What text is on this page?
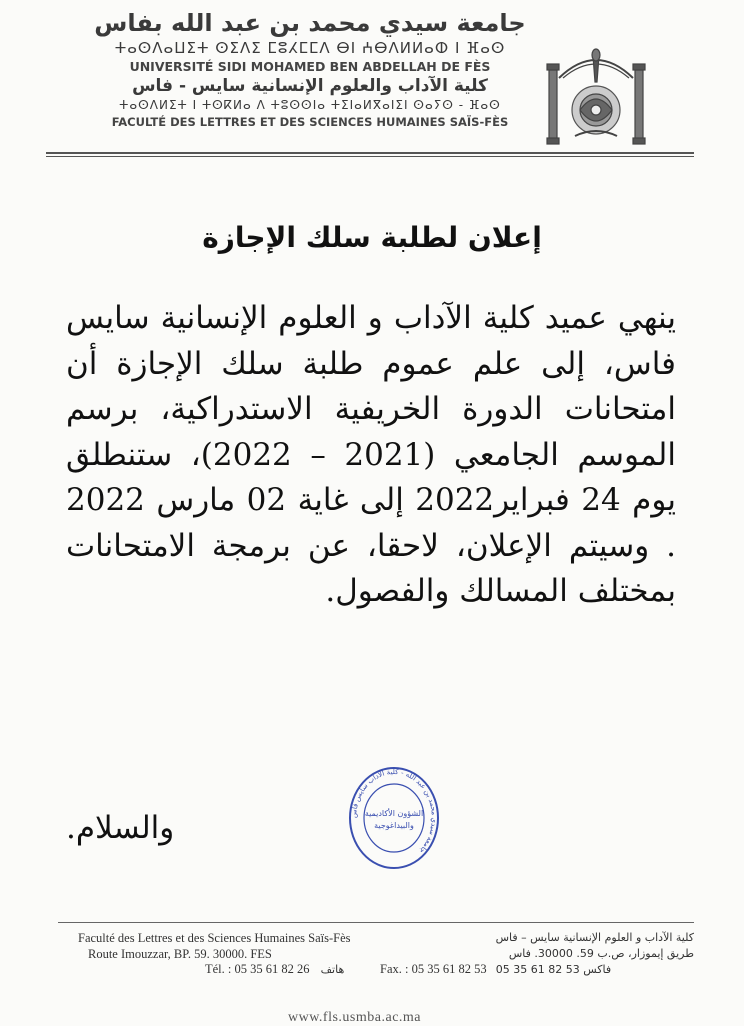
جامعة سيدي محمد بن عبد الله بفاس
ⵜⴰⵙⴷⴰⵡⵉⵜ ⵙⵉⴷⵉ ⵎⵓⵃⵎⵎⴷ ⴱⵏ ⵄⴱⴷⵍⵍⴰⵀ ⵏ ⴼⴰⵙ
UNIVERSITÉ SIDI MOHAMED BEN ABDELLAH DE FÈS
كلية الآداب والعلوم الإنسانية سايس - فاس
ⵜⴰⵙⴷⵍⵉⵜ ⵏ ⵜⵙⴽⵍⴰ ⴷ ⵜⵓⵙⵙⵏⴰ ⵜⵉⵏⴰⵍⴳⴰⵏⵉⵏ ⵙⴰⵢⵙ - ⴼⴰⵙ
FACULTÉ DES LETTRES ET DES SCIENCES HUMAINES SAÏS-FÈS
إعلان لطلبة سلك الإجازة
ينهي عميد كلية الآداب و العلوم الإنسانية سايس فاس، إلى علم عموم طلبة سلك الإجازة أن امتحانات الدورة الخريفية الاستدراكية، برسم الموسم الجامعي (2021 – 2022)، ستنطلق يوم 24 فبراير2022 إلى غاية 02 مارس 2022 . وسيتم الإعلان، لاحقا، عن برمجة الامتحانات بمختلف المسالك والفصول.
جامعة سيدي محمد بن عبد الله - كلية الآداب سايس فاس
الشؤون الأكاديمية
والبيداغوجية
والسلام.
Faculté des Lettres et des Sciences Humaines Saïs-Fès
Route Imouzzar, BP. 59. 30000. FES
كلية الآداب و العلوم الإنسانية سايس – فاس
طريق إيموزار، ص.ب 59. 30000. فاس
Tél. : 05 35 61 82 26 هاتف	Fax. : 05 35 61 82 53 فاكس 53 82 61 35 05
www.fls.usmba.ac.ma
